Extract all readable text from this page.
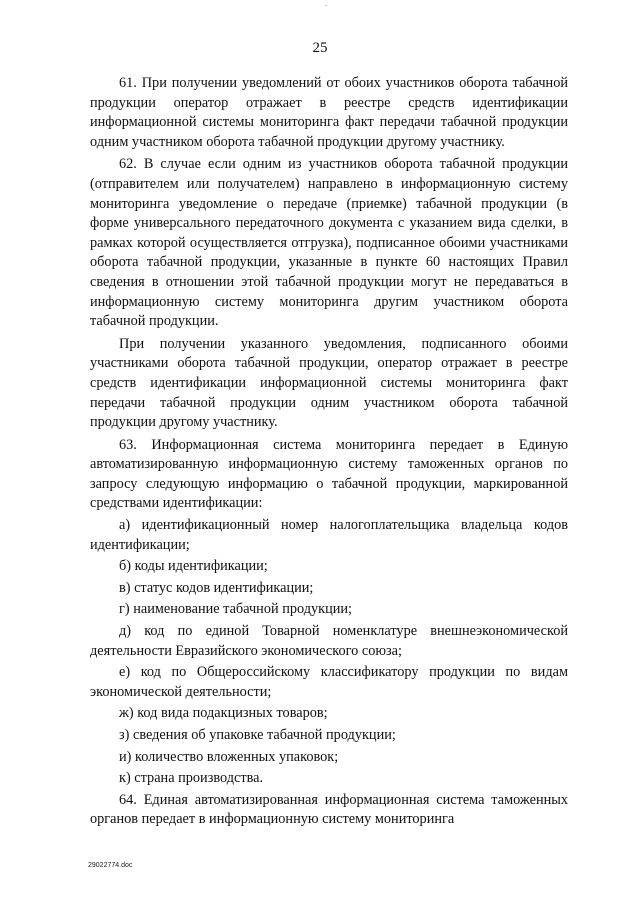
·
25

61. При получении уведомлений от обоих участников оборота табачной продукции оператор отражает в реестре средств идентификации информационной системы мониторинга факт передачи табачной продукции одним участником оборота табачной продукции другому участнику.

62. В случае если одним из участников оборота табачной продукции (отправителем или получателем) направлено в информационную систему мониторинга уведомление о передаче (приемке) табачной продукции (в форме универсального передаточного документа с указанием вида сделки, в рамках которой осуществляется отгрузка), подписанное обоими участниками оборота табачной продукции, указанные в пункте 60 настоящих Правил сведения в отношении этой табачной продукции могут не передаваться в информационную систему мониторинга другим участником оборота табачной продукции.

При получении указанного уведомления, подписанного обоими участниками оборота табачной продукции, оператор отражает в реестре средств идентификации информационной системы мониторинга факт передачи табачной продукции одним участником оборота табачной продукции другому участнику.

63. Информационная система мониторинга передает в Единую автоматизированную информационную систему таможенных органов по запросу следующую информацию о табачной продукции, маркированной средствами идентификации:

а) идентификационный номер налогоплательщика владельца кодов идентификации;

б) коды идентификации;

в) статус кодов идентификации;

г) наименование табачной продукции;

д) код по единой Товарной номенклатуре внешнеэкономической деятельности Евразийского экономического союза;

е) код по Общероссийскому классификатору продукции по видам экономической деятельности;

ж) код вида подакцизных товаров;

з) сведения об упаковке табачной продукции;

и) количество вложенных упаковок;

к) страна производства.

64. Единая автоматизированная информационная система таможенных органов передает в информационную систему мониторинга

29022774.doc
